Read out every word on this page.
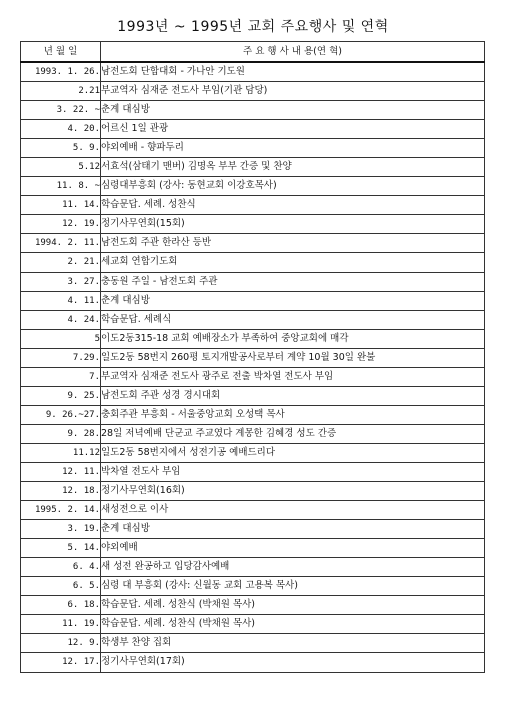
1993년 ~ 1995년 교회 주요행사 및 연혁
년 월 일	주 요 행 사 내 용(연 혁)
1993. 1. 26.	남전도회 단합대회 - 가나안 기도원
2.21	부교역자 심재준 전도사 부임(기관 담당)
3. 22. ~	춘계 대심방
4. 20.	어르신 1일 관광
5. 9.	야외예배 - 향파두리
5.12	서효석(삼태기 맨버) 김명옥 부부 간증 및 찬양
11. 8. ~	심령대부흥회 (강사: 동현교회 이강호목사)
11. 14.	학습문답. 세례. 성찬식
12. 19.	정기사무연회(15회)
1994. 2. 11.	남전도회 주관 한라산 등반
2. 21.	세교회 연합기도회
3. 27.	충동원 주일 - 남전도회 주관
4. 11.	춘계 대심방
4. 24.	학습문답. 세례식
5	이도2동315-18 교회 예배장소가 부족하여 중앙교회에 매각
7.29.	일도2동 58번지 260평 토지개발공사로부터 계약 10월 30일 완불
7.	부교역자 심재준 전도사 광주로 전출 박차열 전도사 부임
9. 25.	남전도회 주관 성경 경시대회
9. 26.~27.	충회주관 부흥회 - 서울중앙교회 오성택 목사
9. 28.	28일 저녁예배 단군교 주교였다 계몽한 김혜경 성도 간증
11.12	일도2동 58번지에서 성전기공 예배드리다
12. 11.	박차열 전도사 부임
12. 18.	정기사무연회(16회)
1995. 2. 14.	새성전으로 이사
3. 19.	춘계 대심방
5. 14.	야외예배
6. 4.	새 성전 완공하고 입당감사예배
6. 5.	심령 대 부흥회 (강사: 신월동 교회 고용복 목사)
6. 18.	학습문답. 세례. 성찬식 (박채원 목사)
11. 19.	학습문답. 세례. 성찬식 (박채원 목사)
12. 9.	학생부 찬양 집회
12. 17.	정기사무연회(17회)
